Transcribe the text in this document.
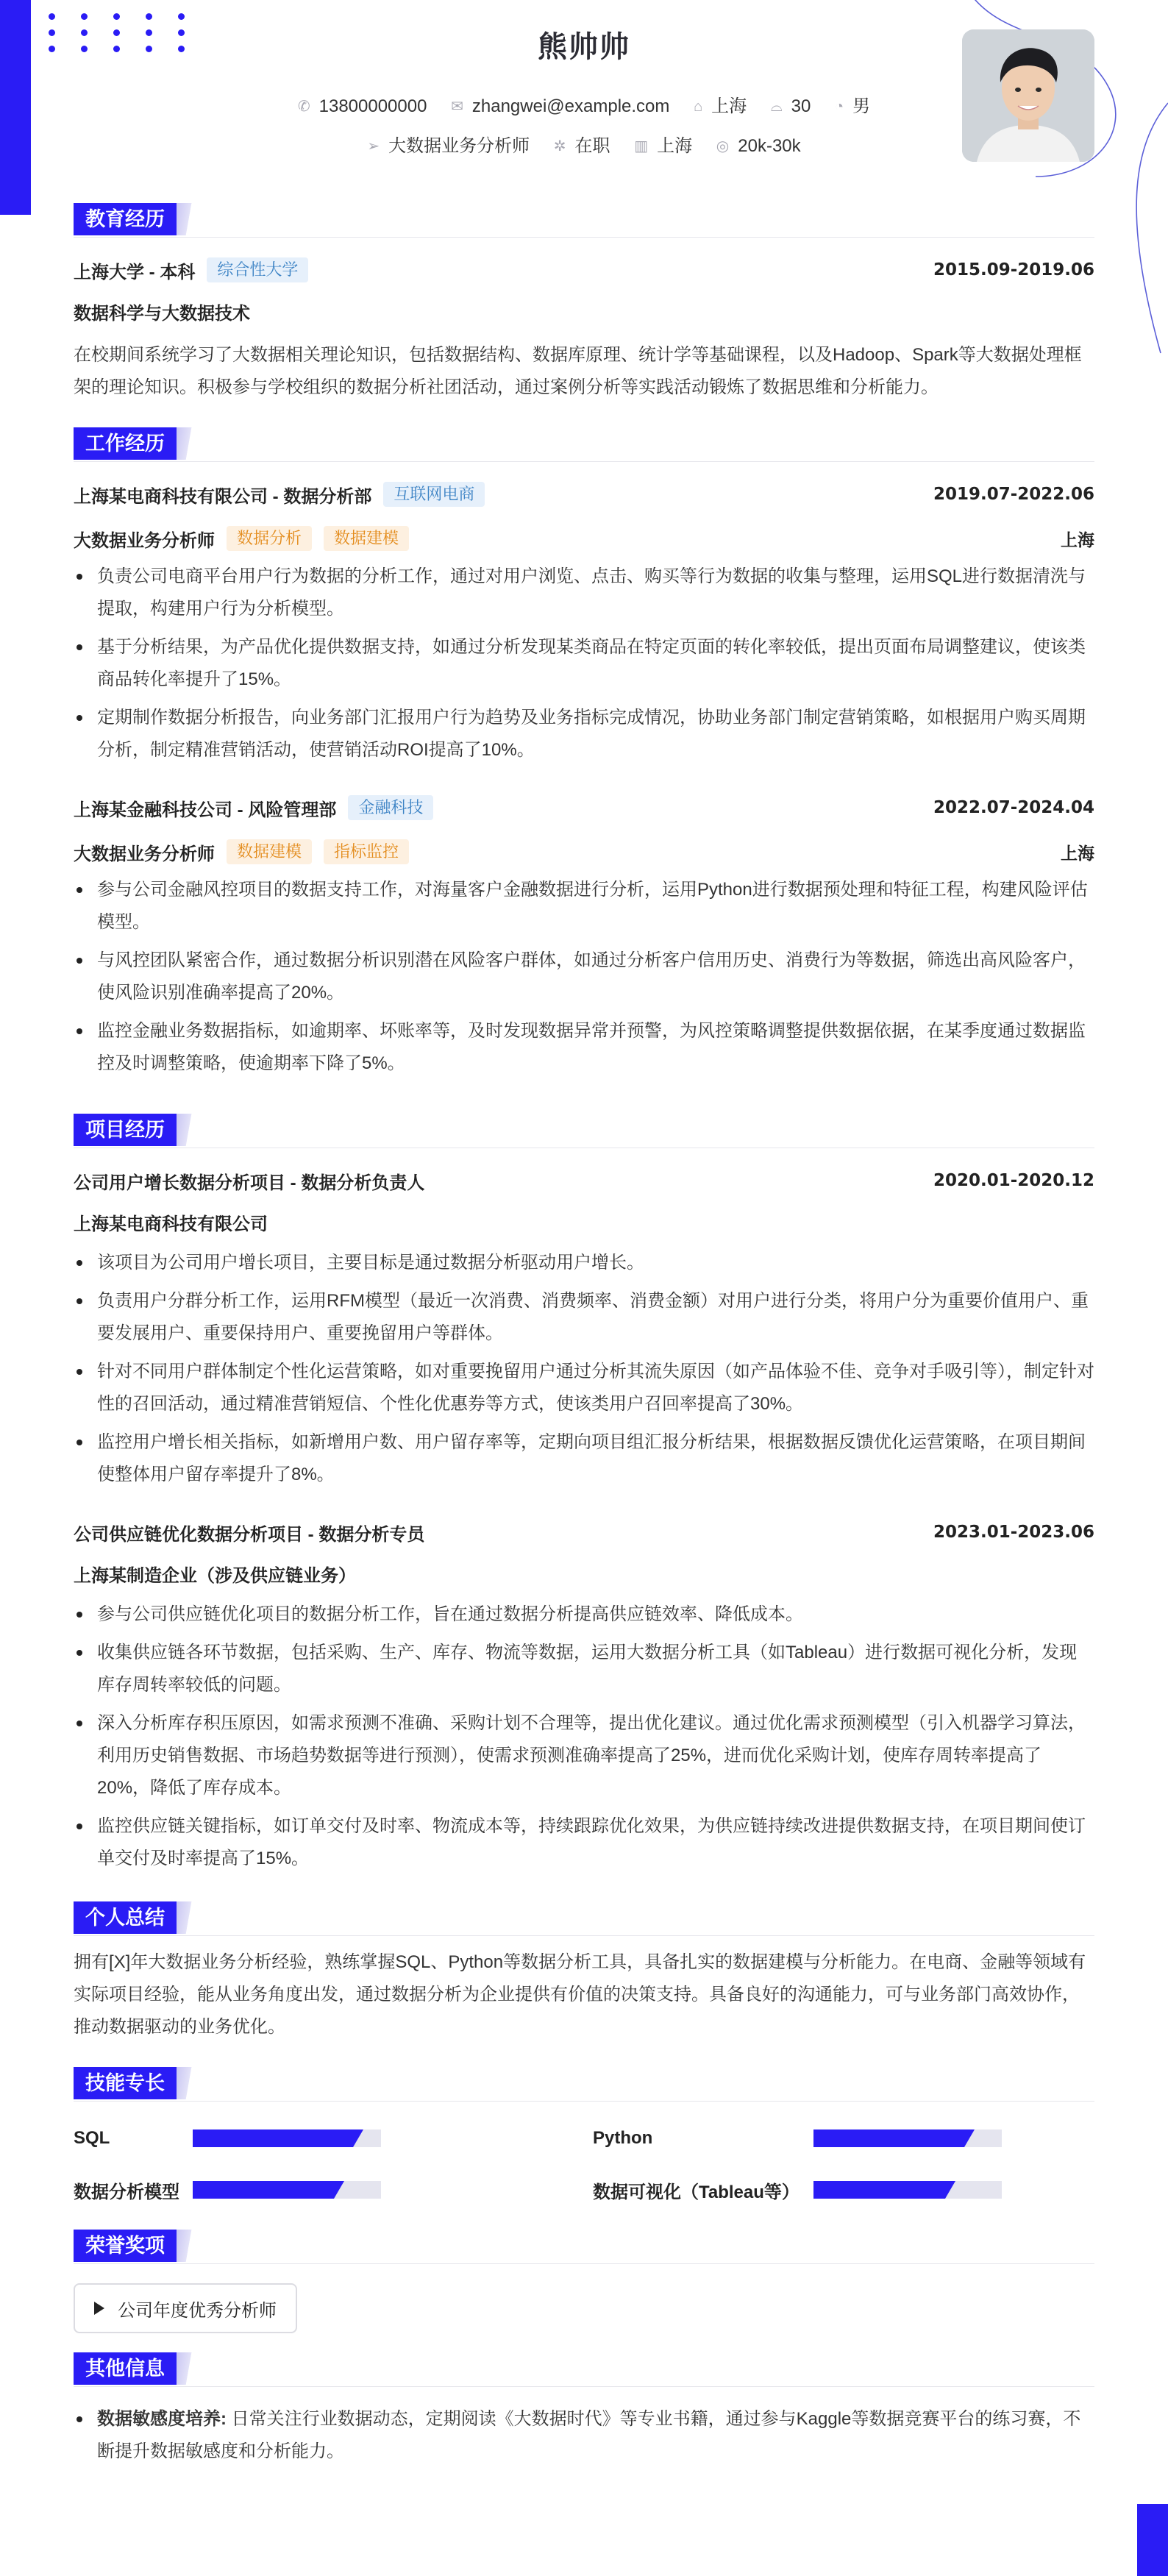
熊帅帅
✆ 13800000000 ✉ zhangwei@example.com ⌂ 上海 ⌓ 30 ◔ 男
➢ 大数据业务分析师 ✲ 在职 ▥ 上海 ◎ 20k-30k
教育经历
上海大学 - 本科	综合性大学	2015.09-2019.06
数据科学与大数据技术
在校期间系统学习了大数据相关理论知识，包括数据结构、数据库原理、统计学等基础课程，以及Hadoop、Spark等大数据处理框架的理论知识。积极参与学校组织的数据分析社团活动，通过案例分析等实践活动锻炼了数据思维和分析能力。
工作经历
上海某电商科技有限公司 - 数据分析部	互联网电商	2019.07-2022.06
大数据业务分析师	数据分析	数据建模	上海
负责公司电商平台用户行为数据的分析工作，通过对用户浏览、点击、购买等行为数据的收集与整理，运用SQL进行数据清洗与提取，构建用户行为分析模型。
基于分析结果，为产品优化提供数据支持，如通过分析发现某类商品在特定页面的转化率较低，提出页面布局调整建议，使该类商品转化率提升了15%。
定期制作数据分析报告，向业务部门汇报用户行为趋势及业务指标完成情况，协助业务部门制定营销策略，如根据用户购买周期分析，制定精准营销活动，使营销活动ROI提高了10%。
上海某金融科技公司 - 风险管理部	金融科技	2022.07-2024.04
大数据业务分析师	数据建模	指标监控	上海
参与公司金融风控项目的数据支持工作，对海量客户金融数据进行分析，运用Python进行数据预处理和特征工程，构建风险评估模型。
与风控团队紧密合作，通过数据分析识别潜在风险客户群体，如通过分析客户信用历史、消费行为等数据，筛选出高风险客户，使风险识别准确率提高了20%。
监控金融业务数据指标，如逾期率、坏账率等，及时发现数据异常并预警，为风控策略调整提供数据依据，在某季度通过数据监控及时调整策略，使逾期率下降了5%。
项目经历
公司用户增长数据分析项目 - 数据分析负责人	2020.01-2020.12
上海某电商科技有限公司
该项目为公司用户增长项目，主要目标是通过数据分析驱动用户增长。
负责用户分群分析工作，运用RFM模型（最近一次消费、消费频率、消费金额）对用户进行分类，将用户分为重要价值用户、重要发展用户、重要保持用户、重要挽留用户等群体。
针对不同用户群体制定个性化运营策略，如对重要挽留用户通过分析其流失原因（如产品体验不佳、竞争对手吸引等），制定针对性的召回活动，通过精准营销短信、个性化优惠券等方式，使该类用户召回率提高了30%。
监控用户增长相关指标，如新增用户数、用户留存率等，定期向项目组汇报分析结果，根据数据反馈优化运营策略，在项目期间使整体用户留存率提升了8%。
公司供应链优化数据分析项目 - 数据分析专员	2023.01-2023.06
上海某制造企业（涉及供应链业务）
参与公司供应链优化项目的数据分析工作，旨在通过数据分析提高供应链效率、降低成本。
收集供应链各环节数据，包括采购、生产、库存、物流等数据，运用大数据分析工具（如Tableau）进行数据可视化分析，发现库存周转率较低的问题。
深入分析库存积压原因，如需求预测不准确、采购计划不合理等，提出优化建议。通过优化需求预测模型（引入机器学习算法，利用历史销售数据、市场趋势数据等进行预测），使需求预测准确率提高了25%，进而优化采购计划，使库存周转率提高了20%，降低了库存成本。
监控供应链关键指标，如订单交付及时率、物流成本等，持续跟踪优化效果，为供应链持续改进提供数据支持，在项目期间使订单交付及时率提高了15%。
个人总结
拥有[X]年大数据业务分析经验，熟练掌握SQL、Python等数据分析工具，具备扎实的数据建模与分析能力。在电商、金融等领域有实际项目经验，能从业务角度出发，通过数据分析为企业提供有价值的决策支持。具备良好的沟通能力，可与业务部门高效协作，推动数据驱动的业务优化。
技能专长
SQL	Python
数据分析模型	数据可视化（Tableau等）
荣誉奖项
公司年度优秀分析师
其他信息
数据敏感度培养: 日常关注行业数据动态，定期阅读《大数据时代》等专业书籍，通过参与Kaggle等数据竞赛平台的练习赛，不断提升数据敏感度和分析能力。
